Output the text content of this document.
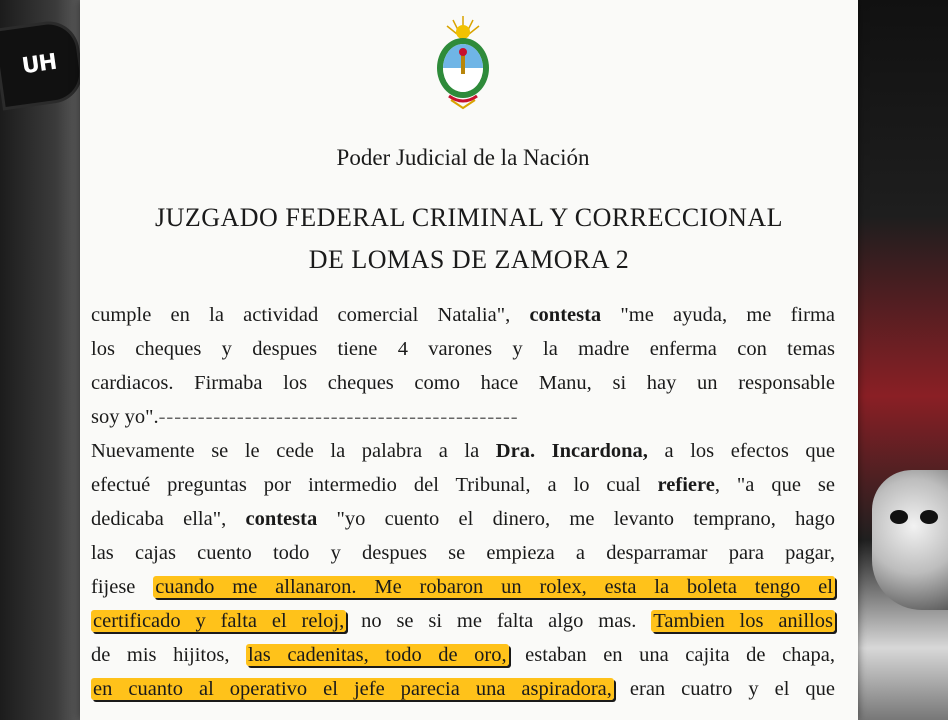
UH
Poder Judicial de la Nación
JUZGADO FEDERAL CRIMINAL Y CORRECCIONAL
DE LOMAS DE ZAMORA 2
cumple en la actividad comercial Natalia", contesta "me ayuda, me firma
los cheques y despues tiene 4 varones y la madre enferma con temas
cardiacos. Firmaba los cheques como hace Manu, si hay un responsable
soy yo".----------------------------------------------
Nuevamente se le cede la palabra a la Dra. Incardona, a los efectos que
efectué preguntas por intermedio del Tribunal, a lo cual refiere, "a que se
dedicaba ella", contesta "yo cuento el dinero, me levanto temprano, hago
las cajas cuento todo y despues se empieza a desparramar para pagar,
fijese cuando me allanaron. Me robaron un rolex, esta la boleta tengo el
certificado y falta el reloj, no se si me falta algo mas. Tambien los anillos
de mis hijitos, las cadenitas, todo de oro, estaban en una cajita de chapa,
en cuanto al operativo el jefe parecia una aspiradora, eran cuatro y el que
